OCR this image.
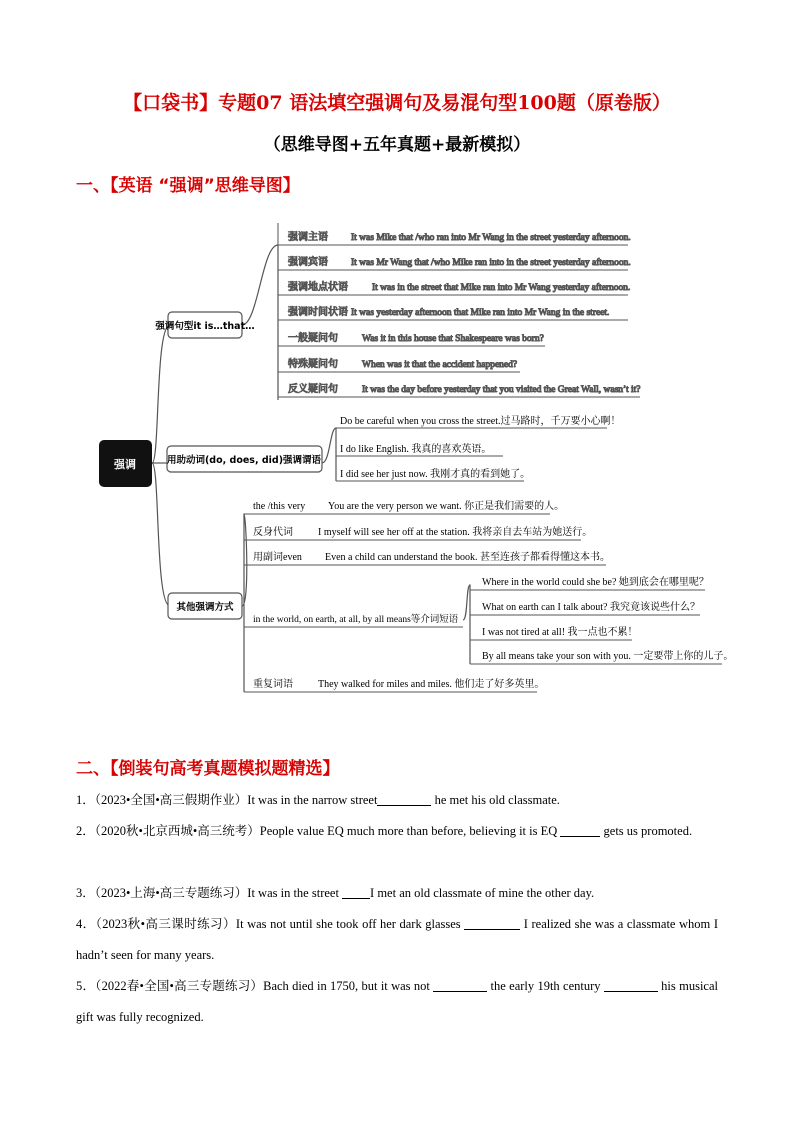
【口袋书】专题07 语法填空强调句及易混句型100题（原卷版）
（思维导图+五年真题+最新模拟）
一、【英语 “强调”思维导图】
强调
强调句型it is…that…
强调主语 It was Mike that /who ran into Mr Wang in the street yesterday afternoon.
强调宾语 It was Mr Wang that /who Mike ran into in the street yesterday afternoon.
强调地点状语	It was in the street that Mike ran into Mr Wang yesterday afternoon.
强调时间状语 It was yesterday afternoon that Mike ran into Mr Wang in the street.
一般疑问句	Was it in this house that Shakespeare was born?
特殊疑问句	When was it that the accident happened?
反义疑问句	It was the day before yesterday that you visited the Great Wall, wasn’t it?
用助动词(do, does, did)强调谓语
其他强调方式
Do be careful when you cross the street.过马路时，千万要小心啊！
I do like English. 我真的喜欢英语。
I did see her just now. 我刚才真的看到她了。
the /this very You are the very person we want. 你正是我们需要的人。
反身代词	I myself will see her off at the station. 我将亲自去车站为她送行。
用副词even Even a child can understand the book. 甚至连孩子都看得懂这本书。
in the world, on earth, at all, by all means等介词短语
重复词语	They walked for miles and miles. 他们走了好多英里。
Where in the world could she be? 她到底会在哪里呢？
What on earth can I talk about? 我究竟该说些什么？
I was not tired at all! 我一点也不累！
By all means take your son with you. 一定要带上你的儿子。
二、【倒装句高考真题模拟题精选】
1．（2023•全国•高三假期作业）It was in the narrow street	he met his old classmate.
2．（2020秋•北京西城•高三统考）People value EQ much more than before, believing it is EQ	gets us promoted.
3．（2023•上海•高三专题练习）It was in the street I met an old classmate of mine the other day.
4．（2023秋•高三课时练习）It was not until she took off her dark glasses	I realized she was a classmate whom I hadn’t seen for many years.
5．（2022春•全国•高三专题练习）Bach died in 1750, but it was not	the early 19th century	his musical gift was fully recognized.
